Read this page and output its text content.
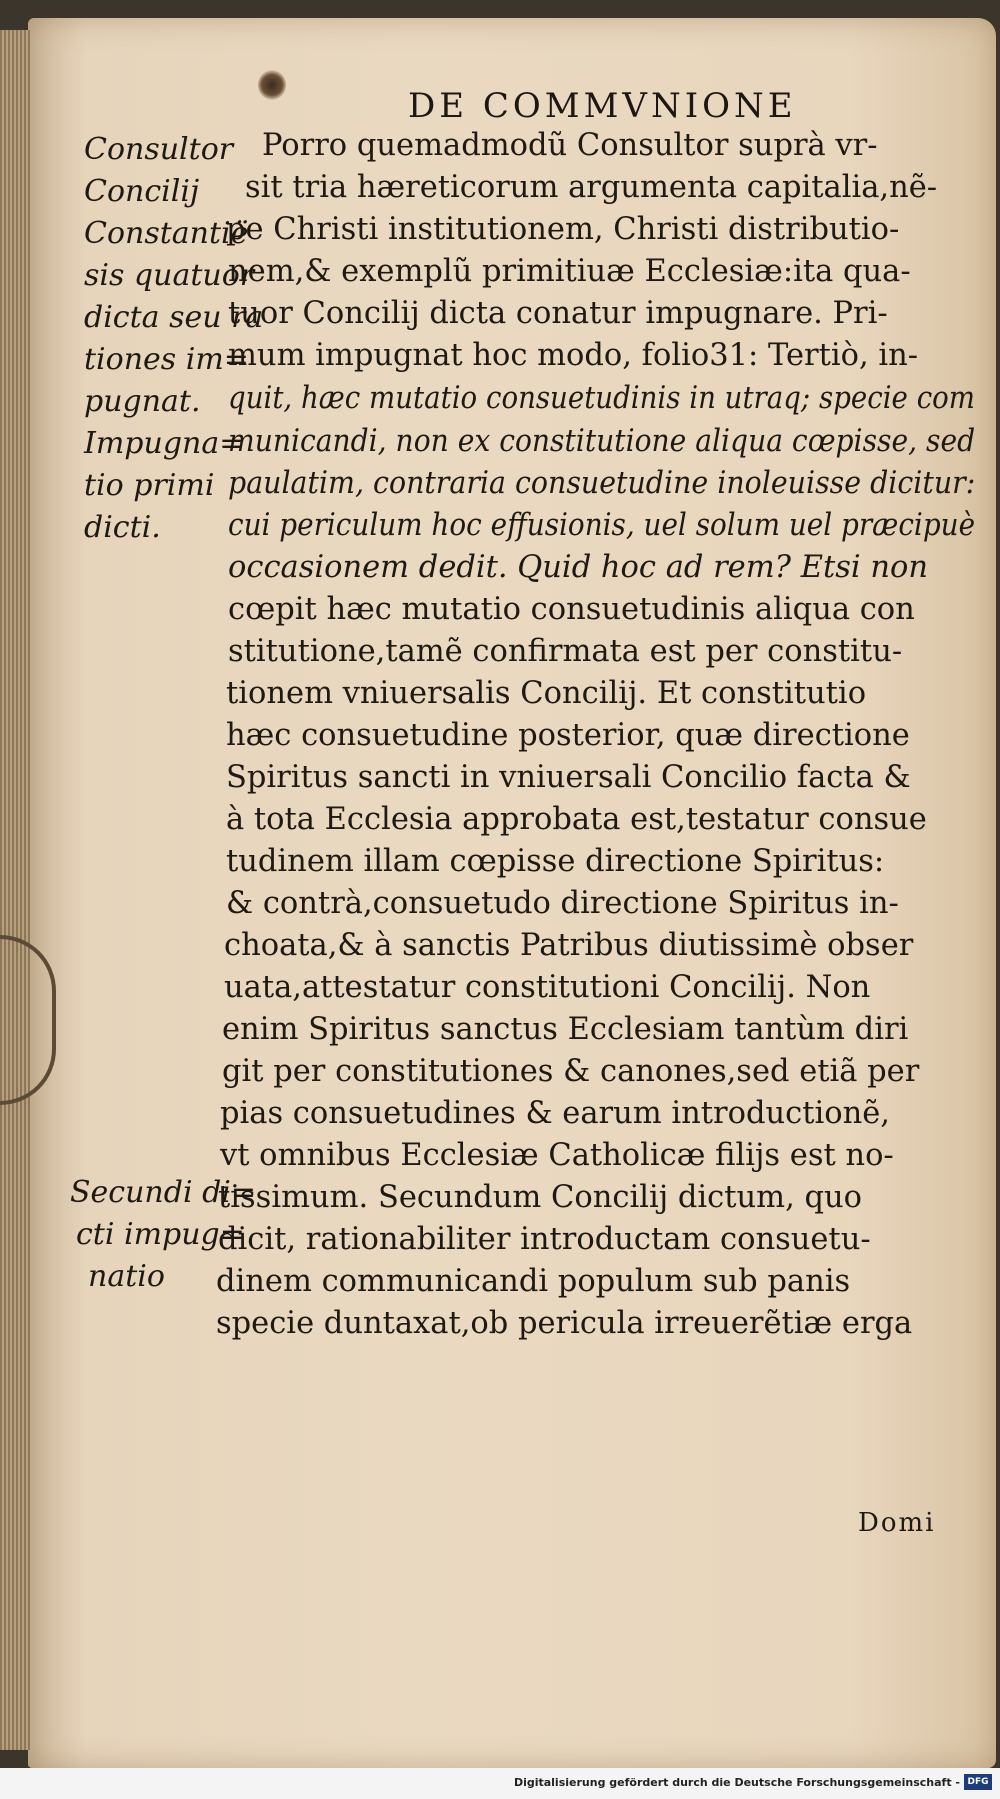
DE COMMVNIONE
Consultor
Concilij
Constantië
sis quatuor
dicta seu ra
tiones im=
pugnat.
Impugna=
tio primi
dicti.
Secundi di=
cti impug=
natio
Porro quemadmodũ Consultor suprà vr-
sit tria hæreticorum argumenta capitalia,nẽ-
pe Christi institutionem, Christi distributio-
nem,& exemplũ primitiuæ Ecclesiæ:ita qua-
tuor Concilij dicta conatur impugnare. Pri-
mum impugnat hoc modo, folio31: Tertiò, in-
quit, hæc mutatio consuetudinis in utraq; specie com
municandi, non ex constitutione aliqua cœpisse, sed
paulatim, contraria consuetudine inoleuisse dicitur:
cui periculum hoc effusionis, uel solum uel præcipuè
occasionem dedit. Quid hoc ad rem? Etsi non
cœpit hæc mutatio consuetudinis aliqua con
stitutione,tamẽ confirmata est per constitu-
tionem vniuersalis Concilij. Et constitutio
hæc consuetudine posterior, quæ directione
Spiritus sancti in vniuersali Concilio facta &
à tota Ecclesia approbata est,testatur consue
tudinem illam cœpisse directione Spiritus:
& contrà,consuetudo directione Spiritus in-
choata,& à sanctis Patribus diutissimè obser
uata,attestatur constitutioni Concilij. Non
enim Spiritus sanctus Ecclesiam tantùm diri
git per constitutiones & canones,sed etiã per
pias consuetudines & earum introductionẽ,
vt omnibus Ecclesiæ Catholicæ filijs est no-
tissimum. Secundum Concilij dictum, quo
dicit, rationabiliter introductam consuetu-
dinem communicandi populum sub panis
specie duntaxat,ob pericula irreuerẽtiæ erga
Domi
Digitalisierung gefördert durch die Deutsche Forschungsgemeinschaft - DFG
